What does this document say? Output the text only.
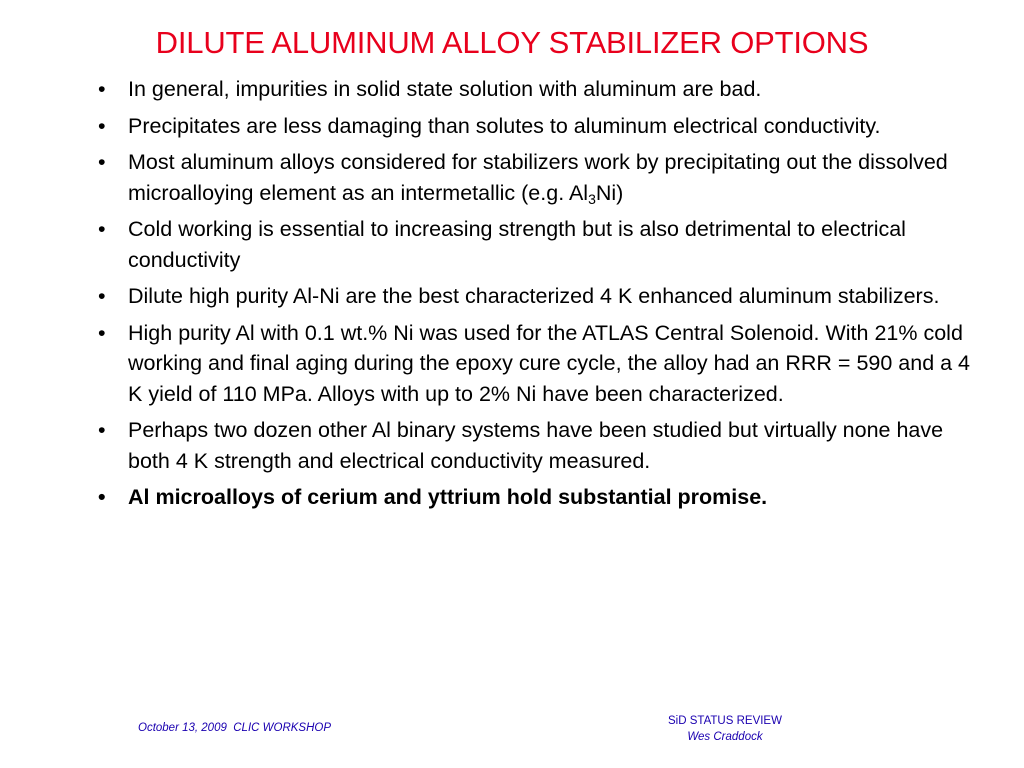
DILUTE ALUMINUM ALLOY STABILIZER OPTIONS
• In general, impurities in solid state solution with aluminum are bad.
• Precipitates are less damaging than solutes to aluminum electrical conductivity.
• Most aluminum alloys considered for stabilizers work by precipitating out the dissolved microalloying element as an intermetallic (e.g. $Al_3Ni$)
• Cold working is essential to increasing strength but is also detrimental to electrical conductivity
• Dilute high purity Al-Ni are the best characterized 4 K enhanced aluminum stabilizers.
• High purity Al with 0.1 wt.% Ni was used for the ATLAS Central Solenoid. With 21% cold working and final aging during the epoxy cure cycle, the alloy had an RRR = 590 and a 4 K yield of 110 MPa. Alloys with up to 2% Ni have been characterized.
• Perhaps two dozen other Al binary systems have been studied but virtually none have both 4 K strength and electrical conductivity measured.
• Al microalloys of cerium and yttrium hold substantial promise.
October 13, 2009  CLIC WORKSHOP
SiD STATUS REVIEW
Wes Craddock
